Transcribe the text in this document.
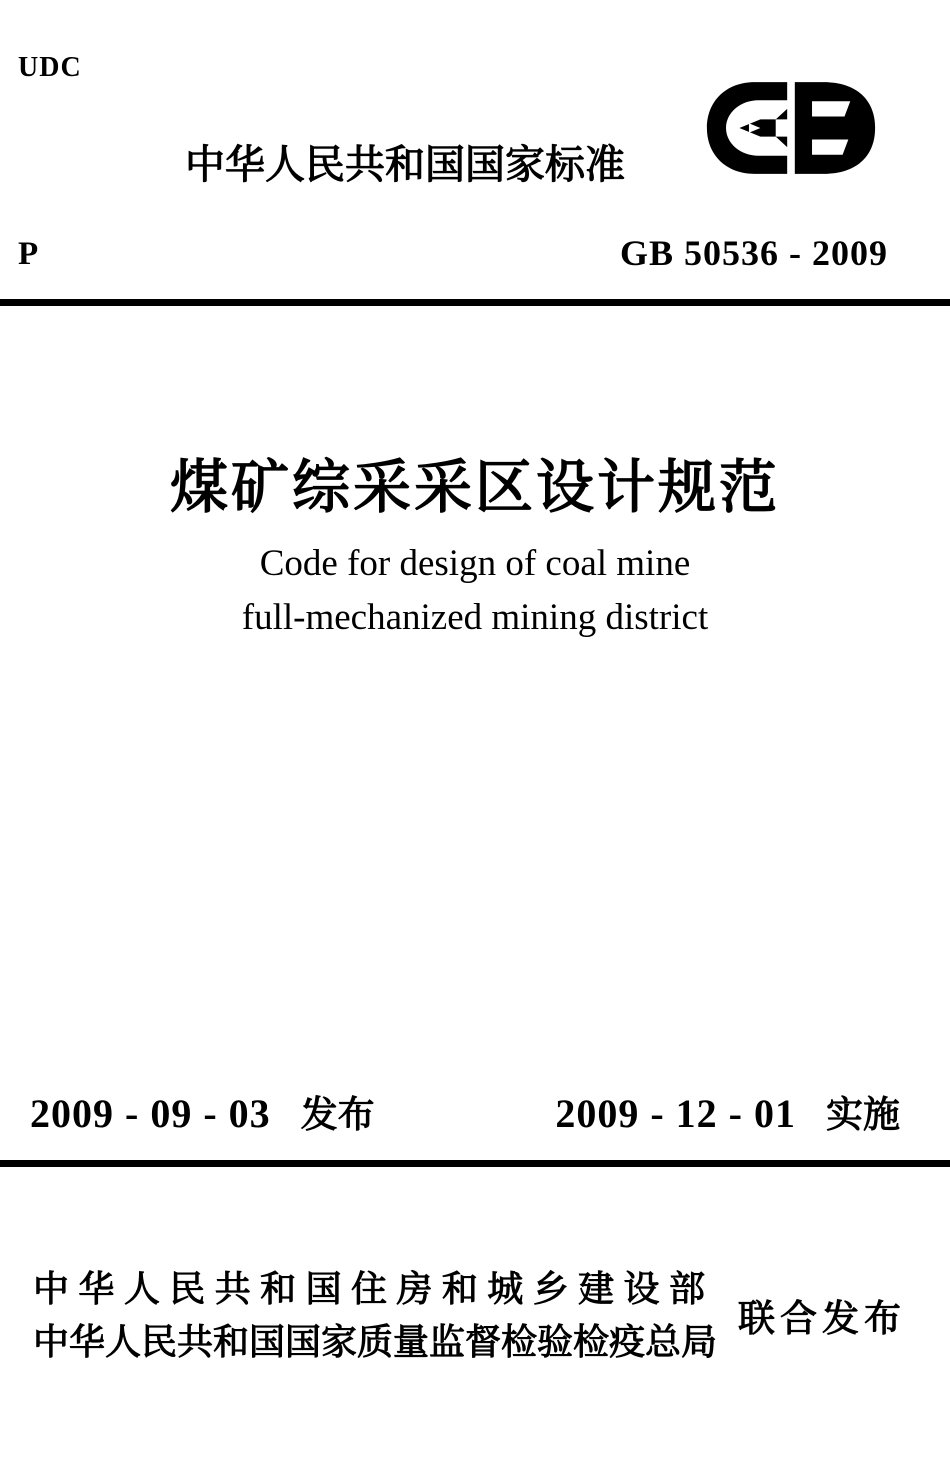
UDC
中华人民共和国国家标准
P	GB 50536 - 2009
煤矿综采采区设计规范
Code for design of coal mine
full-mechanized mining district
2009 - 09 - 03 发布	2009 - 12 - 01 实施
中华人民共和国住房和城乡建设部
中华人民共和国国家质量监督检验检疫总局
联合发布
